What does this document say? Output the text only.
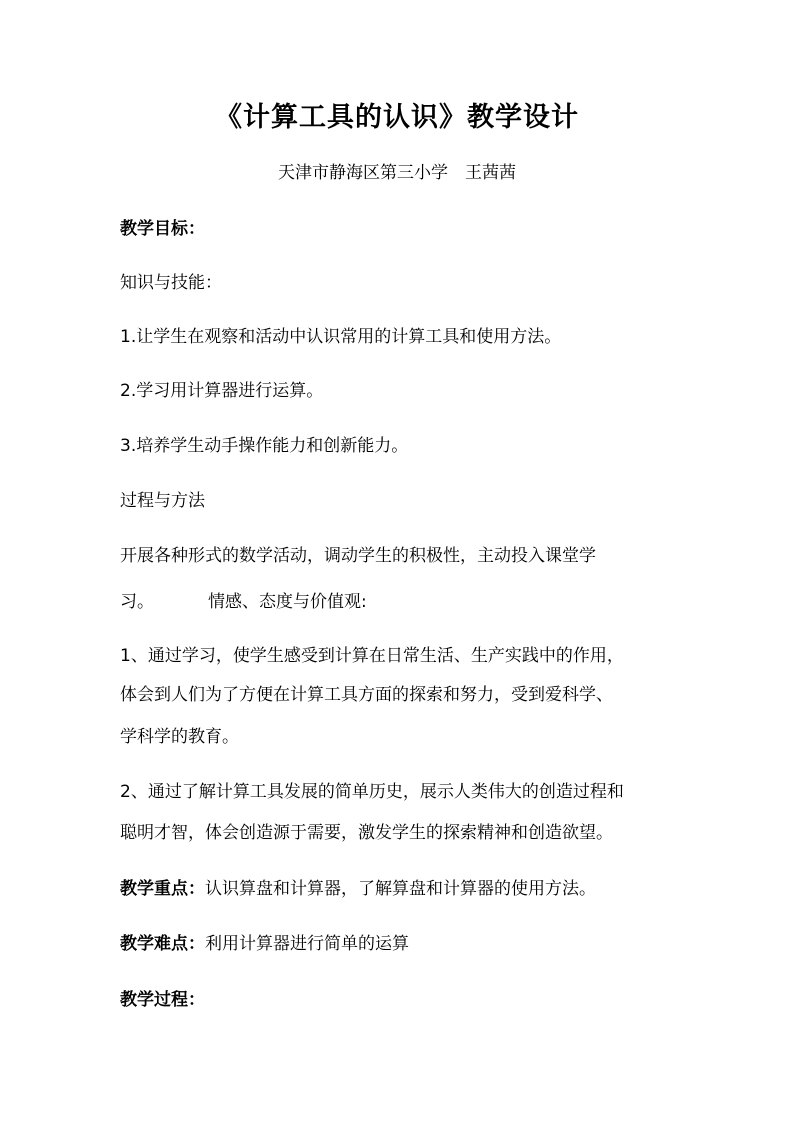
《计算工具的认识》教学设计
天津市静海区第三小学　王茜茜
教学目标：
知识与技能：
1.让学生在观察和活动中认识常用的计算工具和使用方法。
2.学习用计算器进行运算。
3.培养学生动手操作能力和创新能力。
过程与方法
开展各种形式的数学活动，调动学生的积极性，主动投入课堂学
习。	情感、态度与价值观:
1、通过学习，使学生感受到计算在日常生活、生产实践中的作用，
体会到人们为了方便在计算工具方面的探索和努力，受到爱科学、
学科学的教育。
2、通过了解计算工具发展的简单历史，展示人类伟大的创造过程和
聪明才智，体会创造源于需要，激发学生的探索精神和创造欲望。
教学重点：认识算盘和计算器，了解算盘和计算器的使用方法。
教学难点：利用计算器进行简单的运算
教学过程：
